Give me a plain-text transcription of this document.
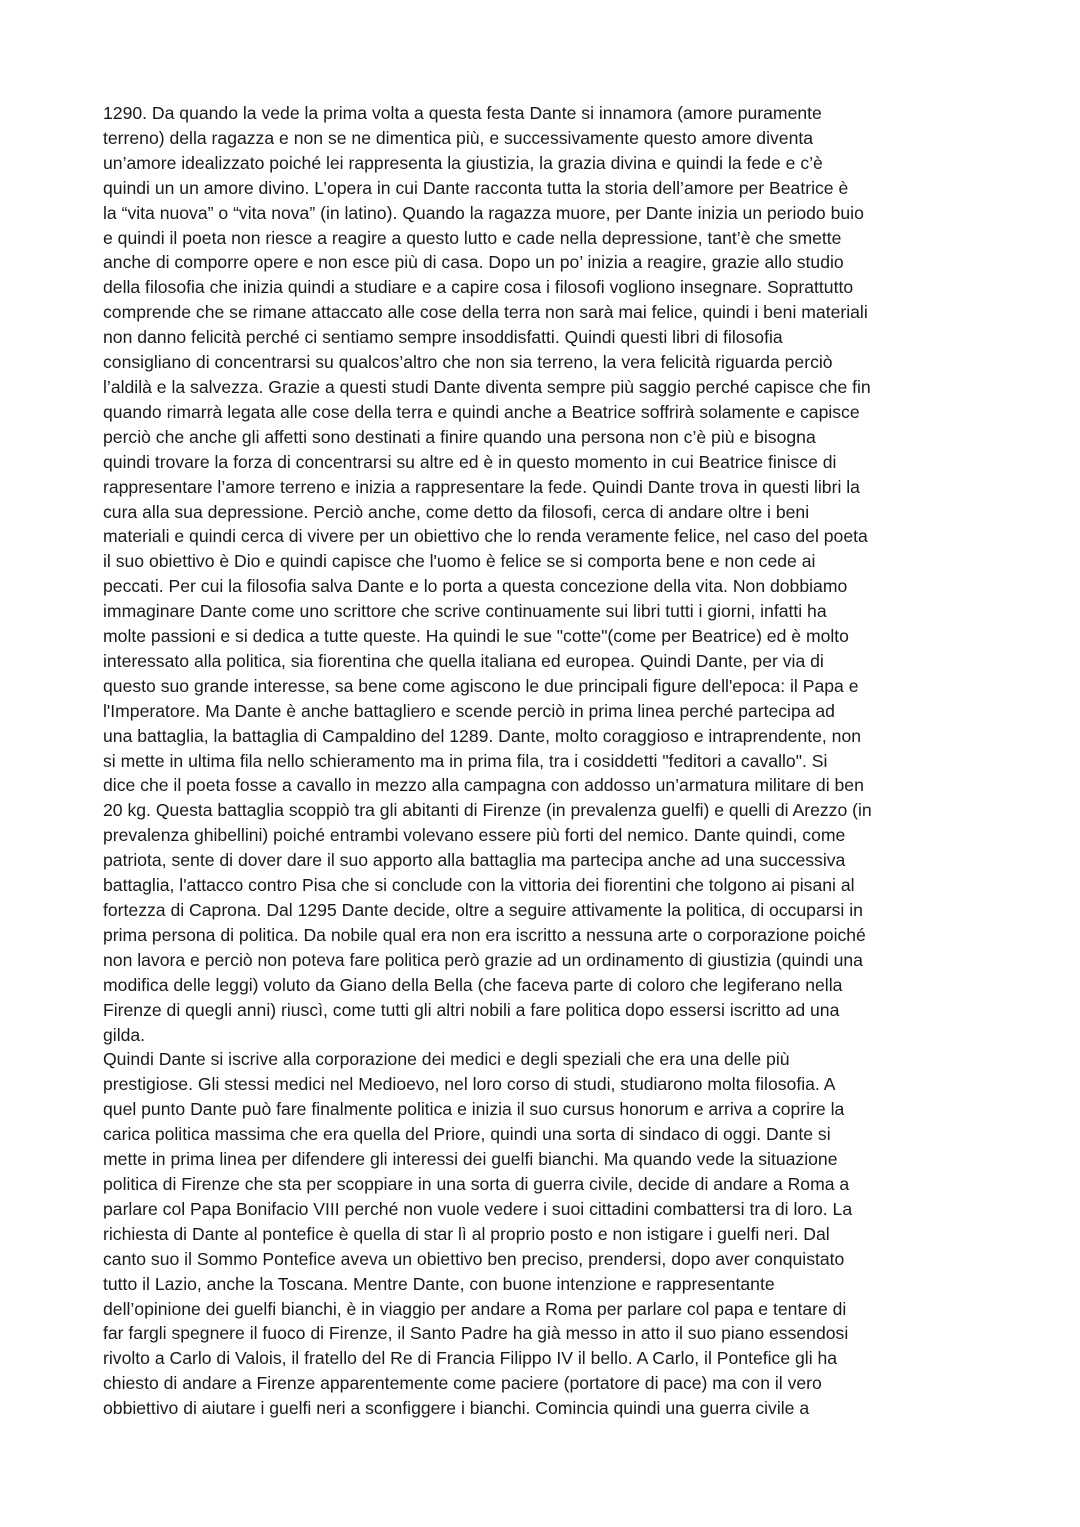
1290. Da quando la vede la prima volta a questa festa Dante si innamora (amore puramente
terreno) della ragazza e non se ne dimentica più, e successivamente questo amore diventa
un’amore idealizzato poiché lei rappresenta la giustizia, la grazia divina e quindi la fede e c’è
quindi un un amore divino. L’opera in cui Dante racconta tutta la storia dell’amore per Beatrice è
la “vita nuova” o “vita nova” (in latino). Quando la ragazza muore, per Dante inizia un periodo buio
e quindi il poeta non riesce a reagire a questo lutto e cade nella depressione, tant’è che smette
anche di comporre opere e non esce più di casa. Dopo un po’ inizia a reagire, grazie allo studio
della filosofia che inizia quindi a studiare e a capire cosa i filosofi vogliono insegnare. Soprattutto
comprende che se rimane attaccato alle cose della terra non sarà mai felice, quindi i beni materiali
non danno felicità perché ci sentiamo sempre insoddisfatti. Quindi questi libri di filosofia
consigliano di concentrarsi su qualcos’altro che non sia terreno, la vera felicità riguarda perciò
l’aldilà e la salvezza. Grazie a questi studi Dante diventa sempre più saggio perché capisce che fin
quando rimarrà legata alle cose della terra e quindi anche a Beatrice soffrirà solamente e capisce
perciò che anche gli affetti sono destinati a finire quando una persona non c’è più e bisogna
quindi trovare la forza di concentrarsi su altre ed è in questo momento in cui Beatrice finisce di
rappresentare l’amore terreno e inizia a rappresentare la fede. Quindi Dante trova in questi libri la
cura alla sua depressione. Perciò anche, come detto da filosofi, cerca di andare oltre i beni
materiali e quindi cerca di vivere per un obiettivo che lo renda veramente felice, nel caso del poeta
il suo obiettivo è Dio e quindi capisce che l'uomo è felice se si comporta bene e non cede ai
peccati. Per cui la filosofia salva Dante e lo porta a questa concezione della vita. Non dobbiamo
immaginare Dante come uno scrittore che scrive continuamente sui libri tutti i giorni, infatti ha
molte passioni e si dedica a tutte queste. Ha quindi le sue "cotte"(come per Beatrice) ed è molto
interessato alla politica, sia fiorentina che quella italiana ed europea. Quindi Dante, per via di
questo suo grande interesse, sa bene come agiscono le due principali figure dell'epoca: il Papa e
l'Imperatore. Ma Dante è anche battagliero e scende perciò in prima linea perché partecipa ad
una battaglia, la battaglia di Campaldino del 1289. Dante, molto coraggioso e intraprendente, non
si mette in ultima fila nello schieramento ma in prima fila, tra i cosiddetti "feditori a cavallo". Si
dice che il poeta fosse a cavallo in mezzo alla campagna con addosso un’armatura militare di ben
20 kg. Questa battaglia scoppiò tra gli abitanti di Firenze (in prevalenza guelfi) e quelli di Arezzo (in
prevalenza ghibellini) poiché entrambi volevano essere più forti del nemico. Dante quindi, come
patriota, sente di dover dare il suo apporto alla battaglia ma partecipa anche ad una successiva
battaglia, l'attacco contro Pisa che si conclude con la vittoria dei fiorentini che tolgono ai pisani al
fortezza di Caprona. Dal 1295 Dante decide, oltre a seguire attivamente la politica, di occuparsi in
prima persona di politica. Da nobile qual era non era iscritto a nessuna arte o corporazione poiché
non lavora e perciò non poteva fare politica però grazie ad un ordinamento di giustizia (quindi una
modifica delle leggi) voluto da Giano della Bella (che faceva parte di coloro che legiferano nella
Firenze di quegli anni) riuscì, come tutti gli altri nobili a fare politica dopo essersi iscritto ad una
gilda.
Quindi Dante si iscrive alla corporazione dei medici e degli speziali che era una delle più
prestigiose. Gli stessi medici nel Medioevo, nel loro corso di studi, studiarono molta filosofia. A
quel punto Dante può fare finalmente politica e inizia il suo cursus honorum e arriva a coprire la
carica politica massima che era quella del Priore, quindi una sorta di sindaco di oggi. Dante si
mette in prima linea per difendere gli interessi dei guelfi bianchi. Ma quando vede la situazione
politica di Firenze che sta per scoppiare in una sorta di guerra civile, decide di andare a Roma a
parlare col Papa Bonifacio VIII perché non vuole vedere i suoi cittadini combattersi tra di loro. La
richiesta di Dante al pontefice è quella di star lì al proprio posto e non istigare i guelfi neri. Dal
canto suo il Sommo Pontefice aveva un obiettivo ben preciso, prendersi, dopo aver conquistato
tutto il Lazio, anche la Toscana. Mentre Dante, con buone intenzione e rappresentante
dell’opinione dei guelfi bianchi, è in viaggio per andare a Roma per parlare col papa e tentare di
far fargli spegnere il fuoco di Firenze, il Santo Padre ha già messo in atto il suo piano essendosi
rivolto a Carlo di Valois, il fratello del Re di Francia Filippo IV il bello. A Carlo, il Pontefice gli ha
chiesto di andare a Firenze apparentemente come paciere (portatore di pace) ma con il vero
obbiettivo di aiutare i guelfi neri a sconfiggere i bianchi. Comincia quindi una guerra civile a
